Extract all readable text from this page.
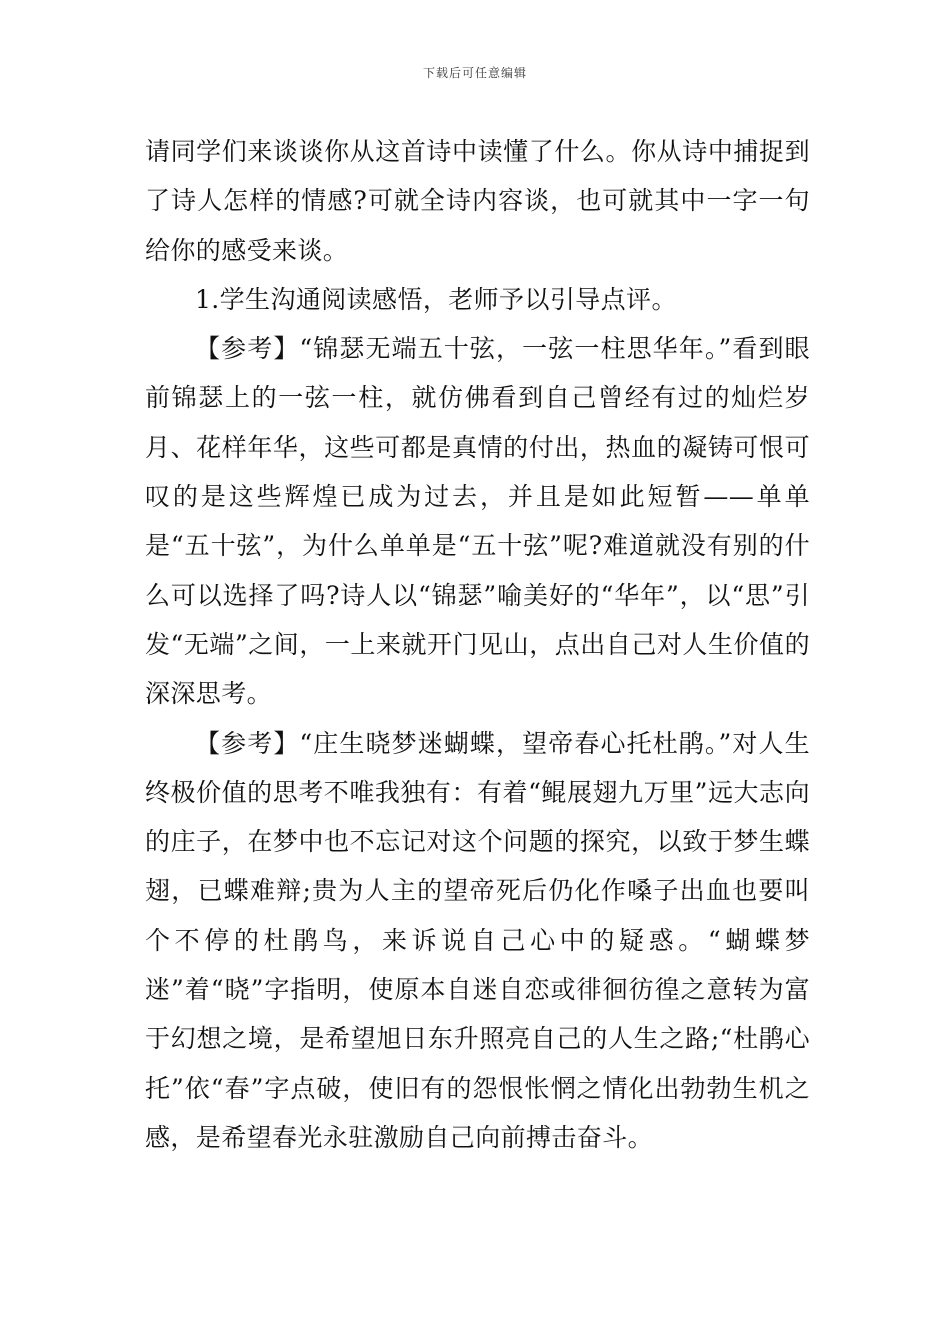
下载后可任意编辑

请同学们来谈谈你从这首诗中读懂了什么。你从诗中捕捉到了诗人怎样的情感?可就全诗内容谈，也可就其中一字一句给你的感受来谈。

1.学生沟通阅读感悟，老师予以引导点评。

【参考】“锦瑟无端五十弦，一弦一柱思华年。”看到眼前锦瑟上的一弦一柱，就仿佛看到自己曾经有过的灿烂岁月、花样年华，这些可都是真情的付出，热血的凝铸可恨可叹的是这些辉煌已成为过去，并且是如此短暂——单单是“五十弦”，为什么单单是“五十弦”呢?难道就没有别的什么可以选择了吗?诗人以“锦瑟”喻美好的“华年”，以“思”引发“无端”之间，一上来就开门见山，点出自己对人生价值的深深思考。

【参考】“庄生晓梦迷蝴蝶，望帝春心托杜鹃。”对人生终极价值的思考不唯我独有：有着“鲲展翅九万里”远大志向的庄子，在梦中也不忘记对这个问题的探究，以致于梦生蝶翅，已蝶难辩;贵为人主的望帝死后仍化作嗓子出血也要叫个不停的杜鹃鸟，来诉说自己心中的疑惑。“蝴蝶梦迷”着“晓”字指明，使原本自迷自恋或徘徊彷徨之意转为富于幻想之境，是希望旭日东升照亮自己的人生之路;“杜鹃心托”依“春”字点破，使旧有的怨恨怅惘之情化出勃勃生机之感，是希望春光永驻激励自己向前搏击奋斗。
